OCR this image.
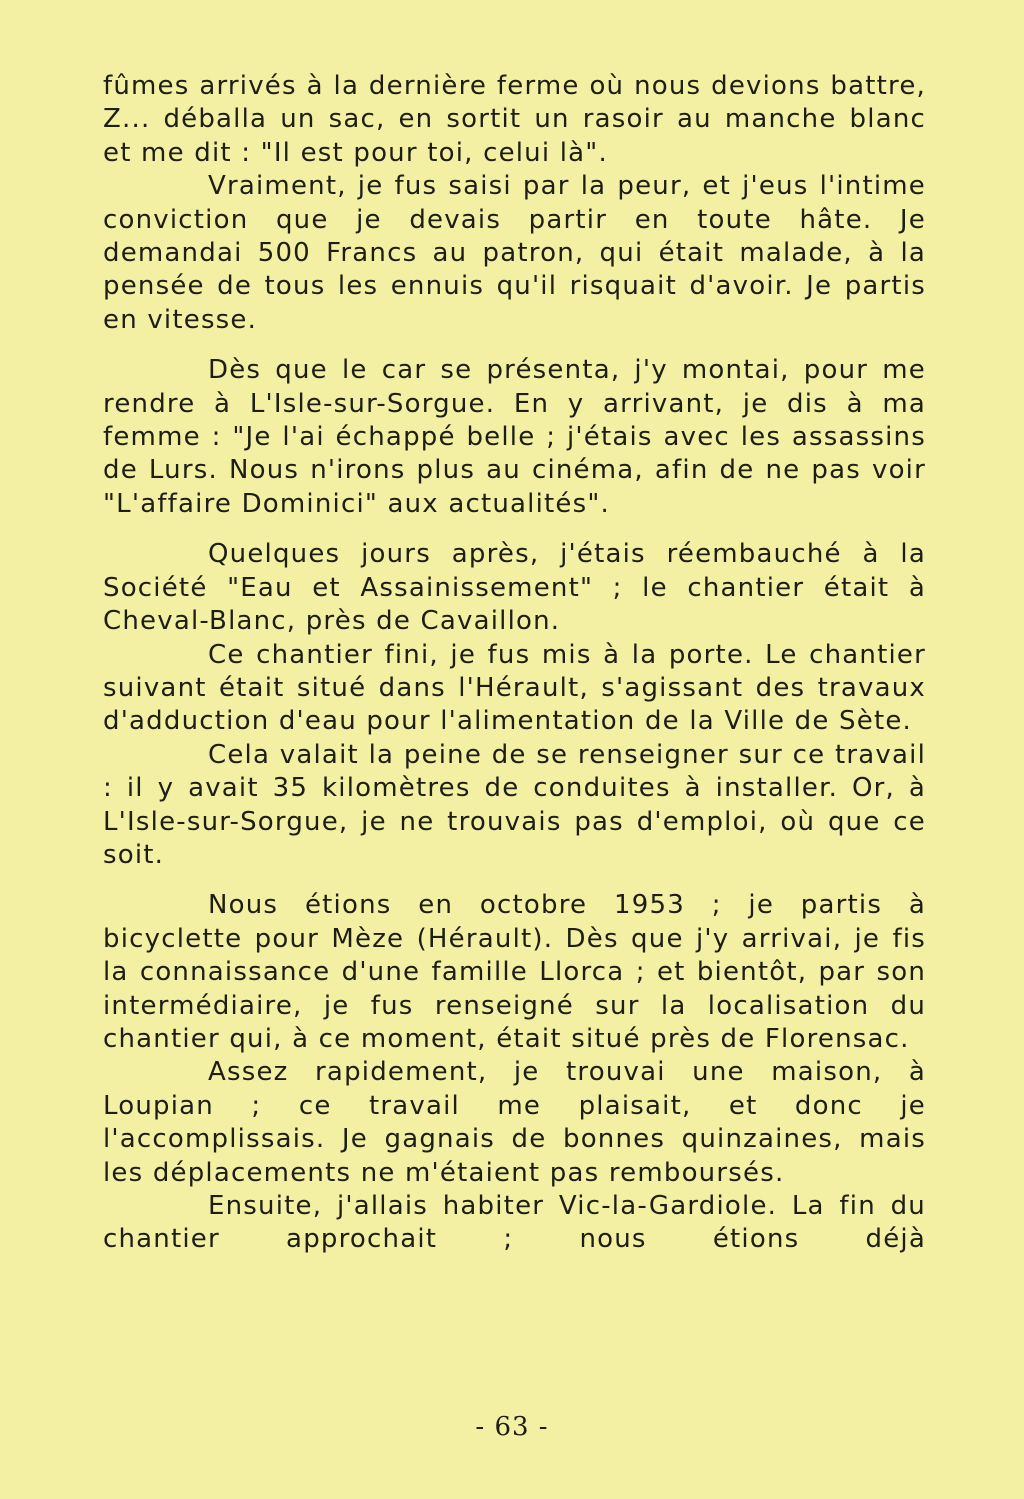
fûmes arrivés à la dernière ferme où nous devions battre, Z... déballa un sac, en sortit un rasoir au manche blanc et me dit : "Il est pour toi, celui là".

Vraiment, je fus saisi par la peur, et j'eus l'intime conviction que je devais partir en toute hâte. Je demandai 500 Francs au patron, qui était malade, à la pensée de tous les ennuis qu'il risquait d'avoir. Je partis en vitesse.

Dès que le car se présenta, j'y montai, pour me rendre à L'Isle-sur-Sorgue. En y arrivant, je dis à ma femme : "Je l'ai échappé belle ; j'étais avec les assassins de Lurs. Nous n'irons plus au cinéma, afin de ne pas voir "L'affaire Dominici" aux actualités".

Quelques jours après, j'étais réembauché à la Société "Eau et Assainissement" ; le chantier était à Cheval-Blanc, près de Cavaillon.

Ce chantier fini, je fus mis à la porte. Le chantier suivant était situé dans l'Hérault, s'agissant des travaux d'adduction d'eau pour l'alimentation de la Ville de Sète.

Cela valait la peine de se renseigner sur ce travail : il y avait 35 kilomètres de conduites à installer. Or, à L'Isle-sur-Sorgue, je ne trouvais pas d'emploi, où que ce soit.

Nous étions en octobre 1953 ; je partis à bicyclette pour Mèze (Hérault). Dès que j'y arrivai, je fis la connaissance d'une famille Llorca ; et bientôt, par son intermédiaire, je fus renseigné sur la localisation du chantier qui, à ce moment, était situé près de Florensac.

Assez rapidement, je trouvai une maison, à Loupian ; ce travail me plaisait, et donc je l'accomplissais. Je gagnais de bonnes quinzaines, mais les déplacements ne m'étaient pas remboursés.

Ensuite, j'allais habiter Vic-la-Gardiole. La fin du chantier approchait ; nous étions déjà

- 63 -
